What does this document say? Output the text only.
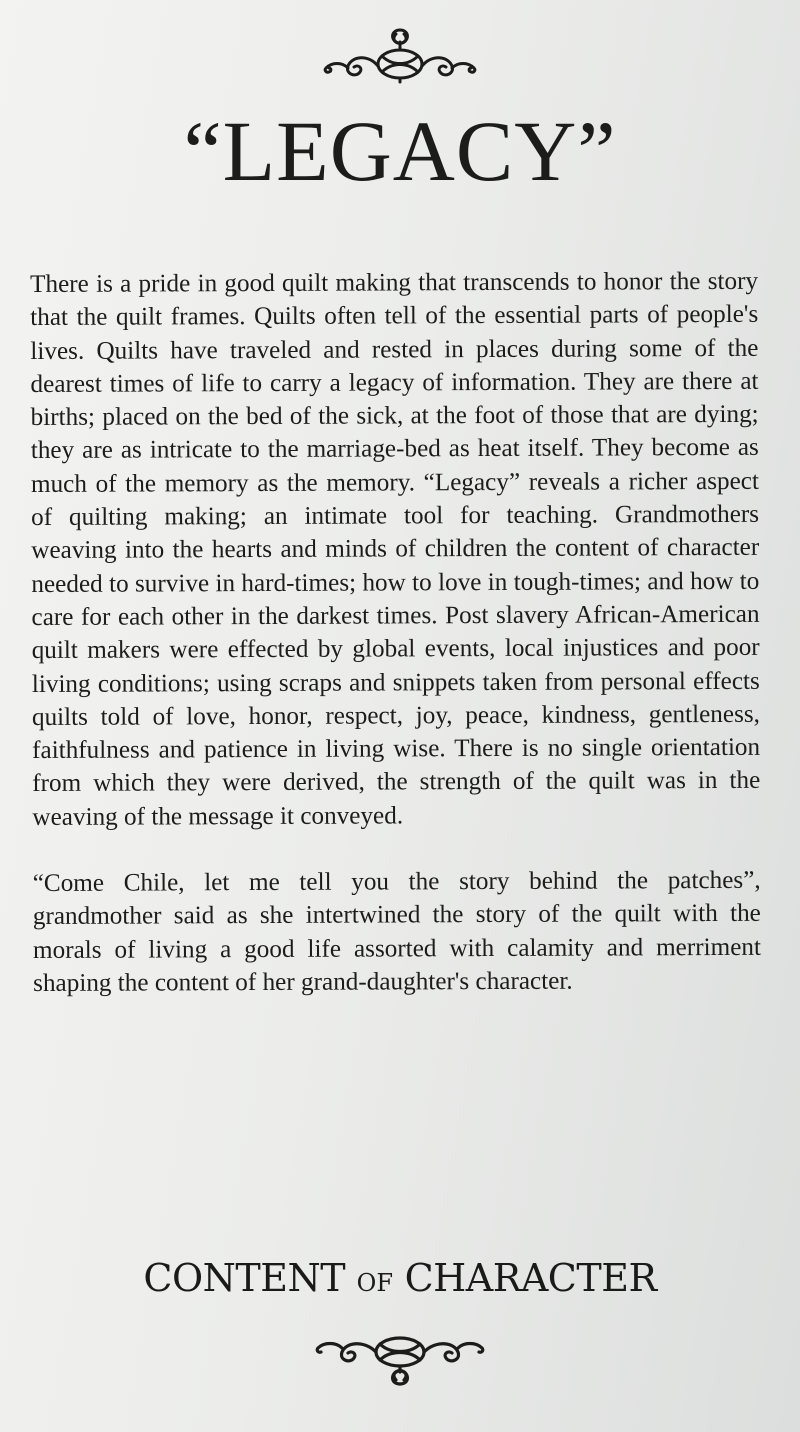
“LEGACY”

There is a pride in good quilt making that transcends to honor the story that the quilt frames. Quilts often tell of the essential parts of people's lives. Quilts have traveled and rested in places during some of the dearest times of life to carry a legacy of information. They are there at births; placed on the bed of the sick, at the foot of those that are dying; they are as intricate to the marriage-bed as heat itself. They become as much of the memory as the memory. “Legacy” reveals a richer aspect of quilting making; an intimate tool for teaching. Grandmothers weaving into the hearts and minds of children the content of character needed to survive in hard-times; how to love in tough-times; and how to care for each other in the darkest times. Post slavery African-American quilt makers were effected by global events, local injustices and poor living conditions; using scraps and snippets taken from personal effects quilts told of love, honor, respect, joy, peace, kindness, gentleness, faithfulness and patience in living wise. There is no single orientation from which they were derived, the strength of the quilt was in the weaving of the message it conveyed.

“Come Chile, let me tell you the story behind the patches”, grandmother said as she intertwined the story of the quilt with the morals of living a good life assorted with calamity and merriment shaping the content of her grand-daughter's character.

CONTENT OF CHARACTER
